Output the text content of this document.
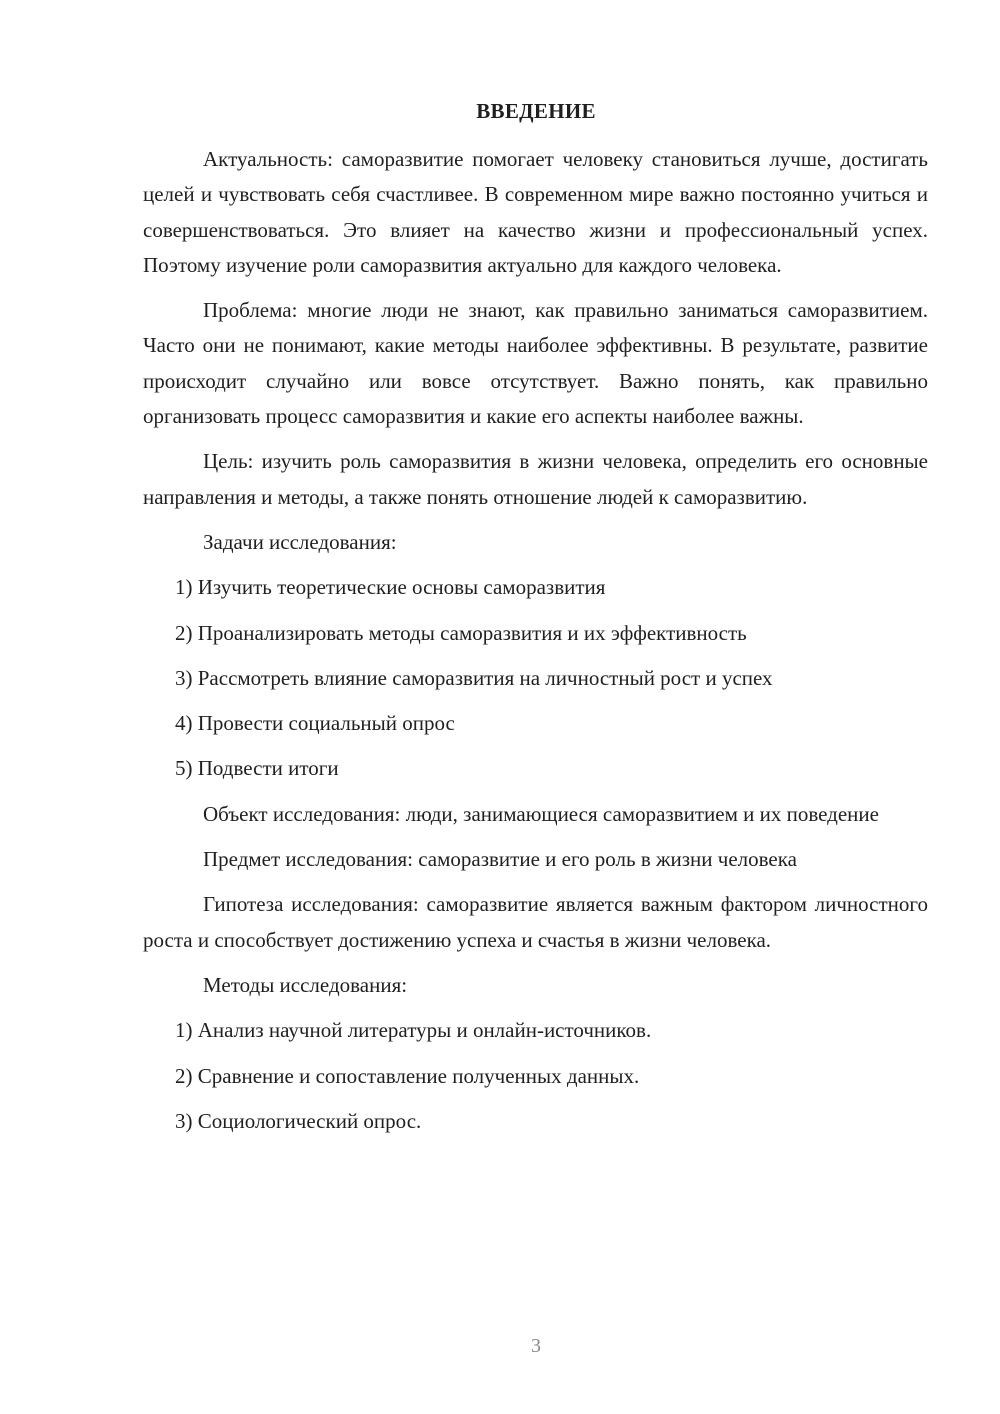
ВВЕДЕНИЕ

Актуальность: саморазвитие помогает человеку становиться лучше, достигать целей и чувствовать себя счастливее. В современном мире важно постоянно учиться и совершенствоваться. Это влияет на качество жизни и профессиональный успех. Поэтому изучение роли саморазвития актуально для каждого человека.

Проблема: многие люди не знают, как правильно заниматься саморазвитием. Часто они не понимают, какие методы наиболее эффективны. В результате, развитие происходит случайно или вовсе отсутствует. Важно понять, как правильно организовать процесс саморазвития и какие его аспекты наиболее важны.

Цель: изучить роль саморазвития в жизни человека, определить его основные направления и методы, а также понять отношение людей к саморазвитию.

Задачи исследования:

1) Изучить теоретические основы саморазвития
2) Проанализировать методы саморазвития и их эффективность
3) Рассмотреть влияние саморазвития на личностный рост и успех
4) Провести социальный опрос
5) Подвести итоги

Объект исследования: люди, занимающиеся саморазвитием и их поведение

Предмет исследования: саморазвитие и его роль в жизни человека

Гипотеза исследования: саморазвитие является важным фактором личностного роста и способствует достижению успеха и счастья в жизни человека.

Методы исследования:

1) Анализ научной литературы и онлайн-источников.
2) Сравнение и сопоставление полученных данных.
3) Социологический опрос.
3
